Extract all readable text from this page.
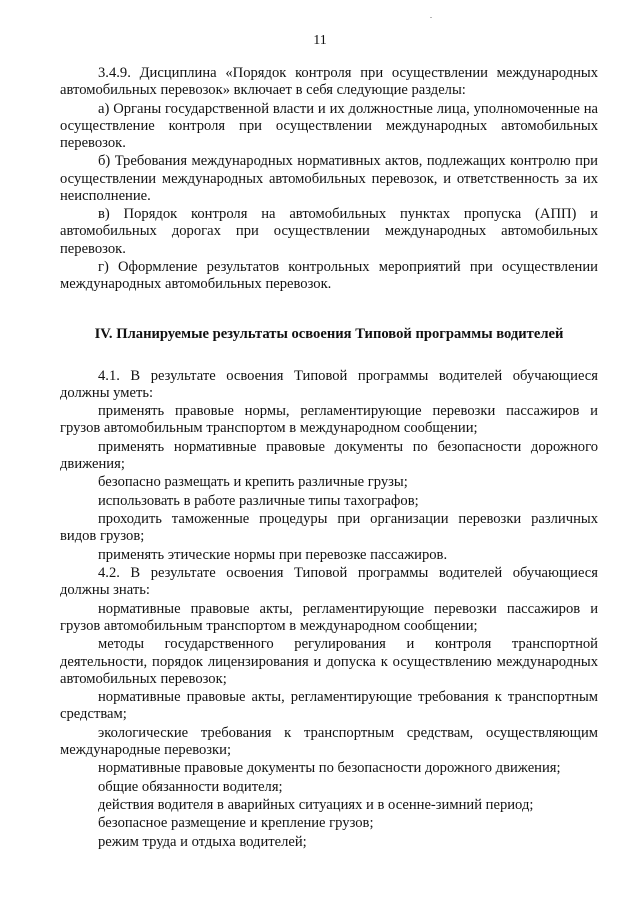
11

3.4.9. Дисциплина «Порядок контроля при осуществлении международных автомобильных перевозок» включает в себя следующие разделы:

а) Органы государственной власти и их должностные лица, уполномоченные на осуществление контроля при осуществлении международных автомобильных перевозок.

б) Требования международных нормативных актов, подлежащих контролю при осуществлении международных автомобильных перевозок, и ответственность за их неисполнение.

в) Порядок контроля на автомобильных пунктах пропуска (АПП) и автомобильных дорогах при осуществлении международных автомобильных перевозок.

г) Оформление результатов контрольных мероприятий при осуществлении международных автомобильных перевозок.

IV. Планируемые результаты освоения Типовой программы водителей

4.1. В результате освоения Типовой программы водителей обучающиеся должны уметь:

применять правовые нормы, регламентирующие перевозки пассажиров и грузов автомобильным транспортом в международном сообщении;

применять нормативные правовые документы по безопасности дорожного движения;

безопасно размещать и крепить различные грузы;

использовать в работе различные типы тахографов;

проходить таможенные процедуры при организации перевозки различных видов грузов;

применять этические нормы при перевозке пассажиров.

4.2. В результате освоения Типовой программы водителей обучающиеся должны знать:

нормативные правовые акты, регламентирующие перевозки пассажиров и грузов автомобильным транспортом в международном сообщении;

методы государственного регулирования и контроля транспортной деятельности, порядок лицензирования и допуска к осуществлению международных автомобильных перевозок;

нормативные правовые акты, регламентирующие требования к транспортным средствам;

экологические требования к транспортным средствам, осуществляющим международные перевозки;

нормативные правовые документы по безопасности дорожного движения;

общие обязанности водителя;

действия водителя в аварийных ситуациях и в осенне-зимний период;

безопасное размещение и крепление грузов;

режим труда и отдыха водителей;
